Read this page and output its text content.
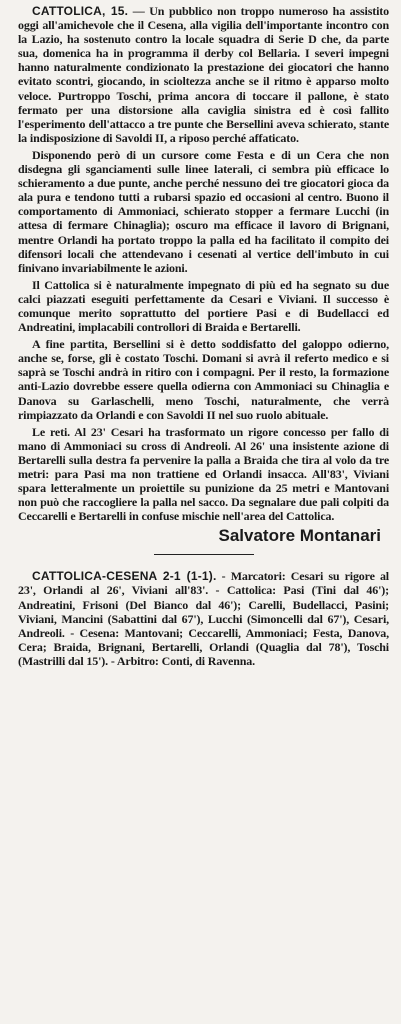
CATTOLICA, 15. — Un pubblico non troppo numeroso ha assistito oggi all'amichevole che il Cesena, alla vigilia dell'importante incontro con la Lazio, ha sostenuto contro la locale squadra di Serie D che, da parte sua, domenica ha in programma il derby col Bellaria. I severi impegni hanno naturalmente condizionato la prestazione dei giocatori che hanno evitato scontri, giocando, in scioltezza anche se il ritmo è apparso molto veloce. Purtroppo Toschi, prima ancora di toccare il pallone, è stato fermato per una distorsione alla caviglia sinistra ed è così fallito l'esperimento dell'attacco a tre punte che Bersellini aveva schierato, stante la indisposizione di Savoldi II, a riposo perché affaticato.

Disponendo però di un cursore come Festa e di un Cera che non disdegna gli sganciamenti sulle linee laterali, ci sembra più efficace lo schieramento a due punte, anche perché nessuno dei tre giocatori gioca da ala pura e tendono tutti a rubarsi spazio ed occasioni al centro. Buono il comportamento di Ammoniaci, schierato stopper a fermare Lucchi (in attesa di fermare Chinaglia); oscuro ma efficace il lavoro di Brignani, mentre Orlandi ha portato troppo la palla ed ha facilitato il compito dei difensori locali che attendevano i cesenati al vertice dell'imbuto in cui finivano invariabilmente le azioni.

Il Cattolica si è naturalmente impegnato di più ed ha segnato su due calci piazzati eseguiti perfettamente da Cesari e Viviani. Il successo è comunque merito soprattutto del portiere Pasi e di Budellacci ed Andreatini, implacabili controllori di Braida e Bertarelli.

A fine partita, Bersellini si è detto soddisfatto del galoppo odierno, anche se, forse, gli è costato Toschi. Domani si avrà il referto medico e si saprà se Toschi andrà in ritiro con i compagni. Per il resto, la formazione anti-Lazio dovrebbe essere quella odierna con Ammoniaci su Chinaglia e Danova su Garlaschelli, meno Toschi, naturalmente, che verrà rimpiazzato da Orlandi e con Savoldi II nel suo ruolo abituale.

Le reti. Al 23' Cesari ha trasformato un rigore concesso per fallo di mano di Ammoniaci su cross di Andreoli. Al 26' una insistente azione di Bertarelli sulla destra fa pervenire la palla a Braida che tira al volo da tre metri: para Pasi ma non trattiene ed Orlandi insacca. All'83', Viviani spara letteralmente un proiettile su punizione da 25 metri e Mantovani non può che raccogliere la palla nel sacco. Da segnalare due pali colpiti da Ceccarelli e Bertarelli in confuse mischie nell'area del Cattolica.

Salvatore Montanari

CATTOLICA-CESENA 2-1 (1-1). - Marcatori: Cesari su rigore al 23', Orlandi al 26', Viviani all'83'. - Cattolica: Pasi (Tini dal 46'); Andreatini, Frisoni (Del Bianco dal 46'); Carelli, Budellacci, Pasini; Viviani, Mancini (Sabattini dal 67'), Lucchi (Simoncelli dal 67'), Cesari, Andreoli. - Cesena: Mantovani; Ceccarelli, Ammoniaci; Festa, Danova, Cera; Braida, Brignani, Bertarelli, Orlandi (Quaglia dal 78'), Toschi (Mastrilli dal 15'). - Arbitro: Conti, di Ravenna.
